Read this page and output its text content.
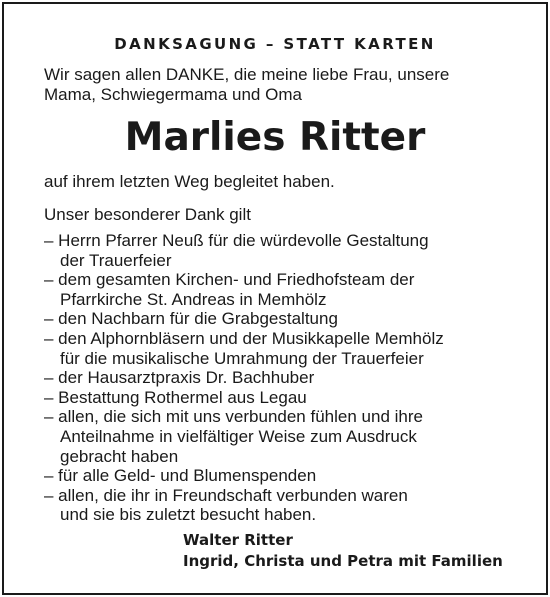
DANKSAGUNG – STATT KARTEN
Wir sagen allen DANKE, die meine liebe Frau, unsere
Mama, Schwiegermama und Oma
Marlies Ritter
auf ihrem letzten Weg begleitet haben.
Unser besonderer Dank gilt
– Herrn Pfarrer Neuß für die würdevolle Gestaltung
der Trauerfeier
– dem gesamten Kirchen- und Friedhofsteam der
Pfarrkirche St. Andreas in Memhölz
– den Nachbarn für die Grabgestaltung
– den Alphornbläsern und der Musikkapelle Memhölz
für die musikalische Umrahmung der Trauerfeier
– der Hausarztpraxis Dr. Bachhuber
– Bestattung Rothermel aus Legau
– allen, die sich mit uns verbunden fühlen und ihre
Anteilnahme in vielfältiger Weise zum Ausdruck
gebracht haben
– für alle Geld- und Blumenspenden
– allen, die ihr in Freundschaft verbunden waren
und sie bis zuletzt besucht haben.
Walter Ritter
Ingrid, Christa und Petra mit Familien
